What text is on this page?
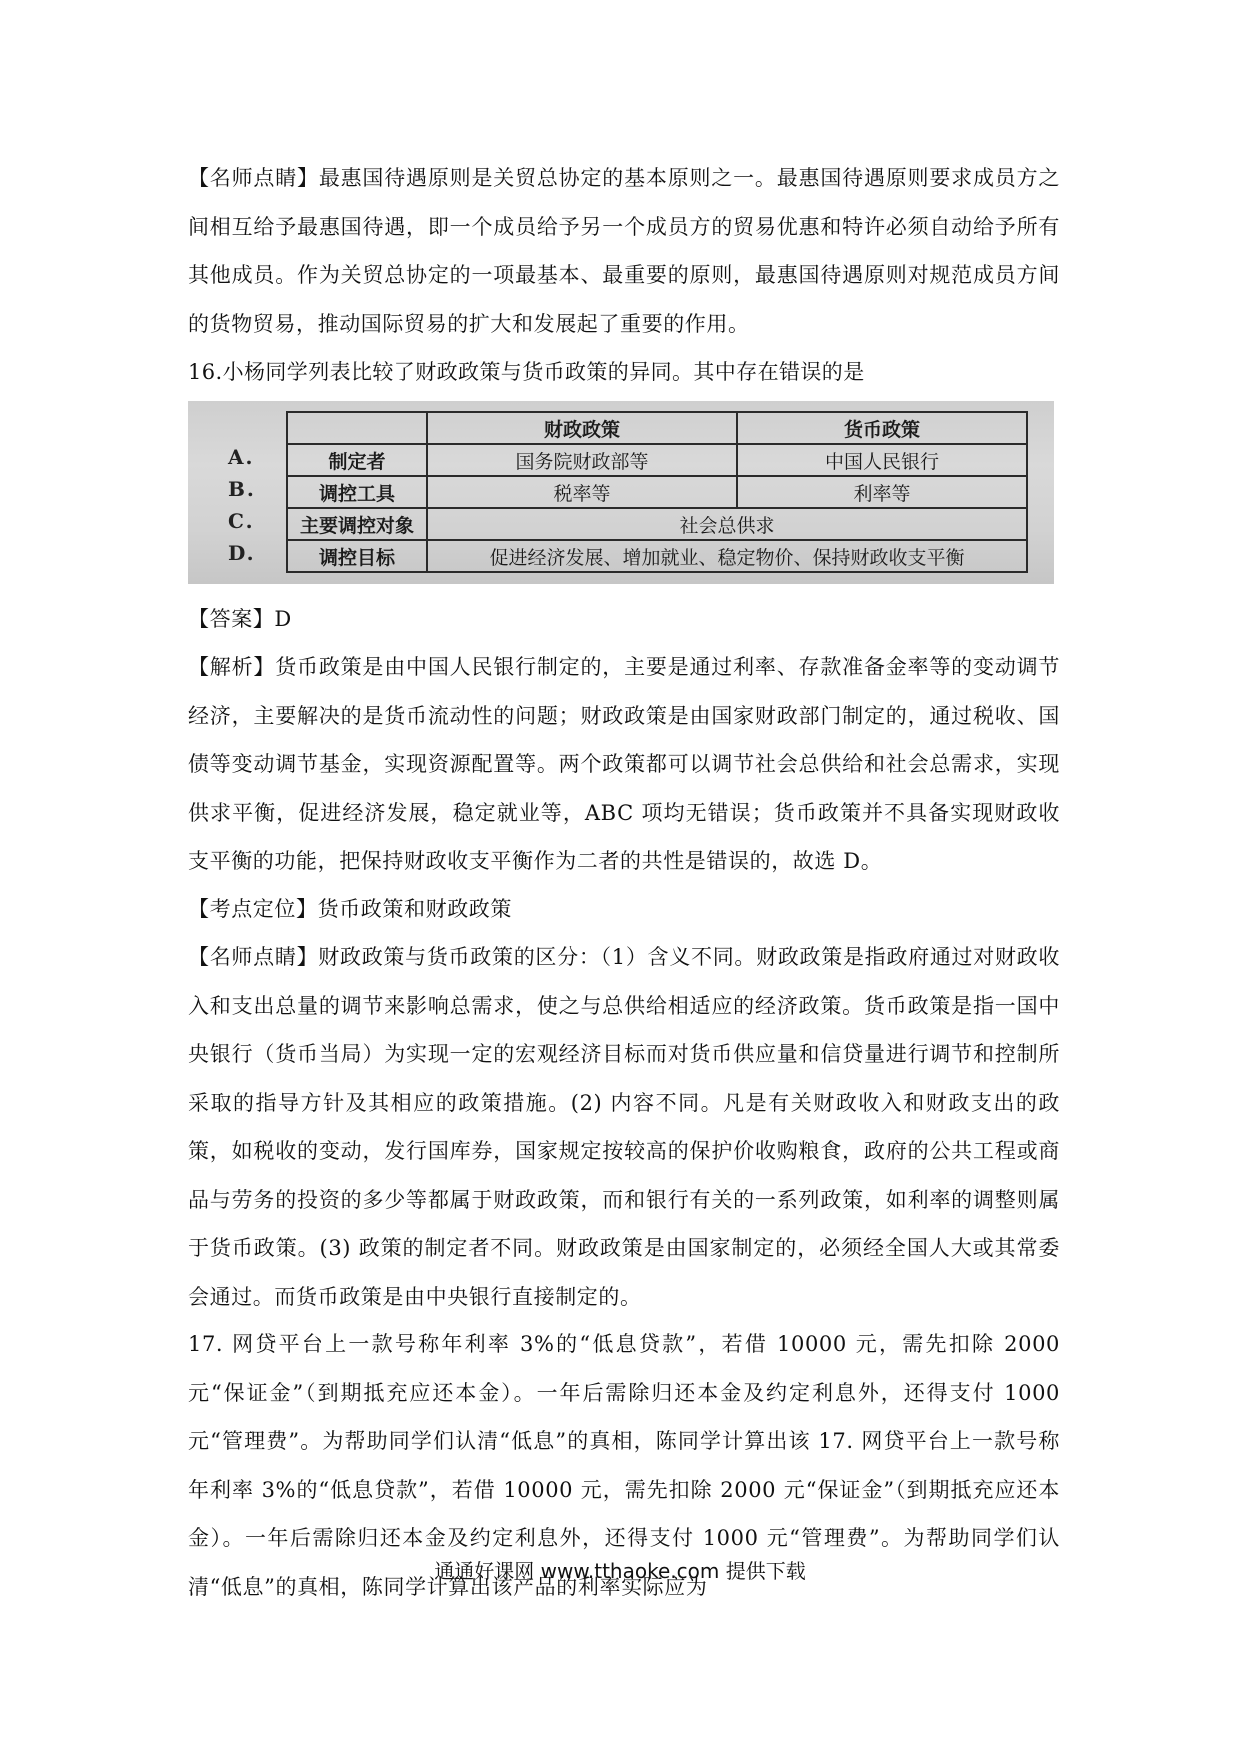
【名师点睛】最惠国待遇原则是关贸总协定的基本原则之一。最惠国待遇原则要求成员方之间相互给予最惠国待遇，即一个成员给予另一个成员方的贸易优惠和特许必须自动给予所有其他成员。作为关贸总协定的一项最基本、最重要的原则，最惠国待遇原则对规范成员方间的货物贸易，推动国际贸易的扩大和发展起了重要的作用。

16.小杨同学列表比较了财政政策与货币政策的异同。其中存在错误的是

A.
B.
C.
D.
	财政政策	货币政策
制定者	国务院财政部等	中国人民银行
调控工具	税率等	利率等
主要调控对象	社会总供求	
调控目标	促进经济发展、增加就业、稳定物价、保持财政收支平衡	

【答案】D

【解析】货币政策是由中国人民银行制定的，主要是通过利率、存款准备金率等的变动调节经济，主要解决的是货币流动性的问题；财政政策是由国家财政部门制定的，通过税收、国债等变动调节基金，实现资源配置等。两个政策都可以调节社会总供给和社会总需求，实现供求平衡，促进经济发展，稳定就业等，ABC 项均无错误；货币政策并不具备实现财政收支平衡的功能，把保持财政收支平衡作为二者的共性是错误的，故选 D。

【考点定位】货币政策和财政政策

【名师点睛】财政政策与货币政策的区分：（1）含义不同。财政政策是指政府通过对财政收入和支出总量的调节来影响总需求，使之与总供给相适应的经济政策。货币政策是指一国中央银行（货币当局）为实现一定的宏观经济目标而对货币供应量和信贷量进行调节和控制所采取的指导方针及其相应的政策措施。(2) 内容不同。凡是有关财政收入和财政支出的政策，如税收的变动，发行国库券，国家规定按较高的保护价收购粮食，政府的公共工程或商品与劳务的投资的多少等都属于财政政策，而和银行有关的一系列政策，如利率的调整则属于货币政策。(3) 政策的制定者不同。财政政策是由国家制定的，必须经全国人大或其常委会通过。而货币政策是由中央银行直接制定的。

17. 网贷平台上一款号称年利率 3%的“低息贷款”，若借 10000 元，需先扣除 2000 元“保证金”（到期抵充应还本金）。一年后需除归还本金及约定利息外，还得支付 1000 元“管理费”。为帮助同学们认清“低息”的真相，陈同学计算出该 17. 网贷平台上一款号称年利率 3%的“低息贷款”，若借 10000 元，需先扣除 2000 元“保证金”（到期抵充应还本金）。一年后需除归还本金及约定利息外，还得支付 1000 元“管理费”。为帮助同学们认清“低息”的真相，陈同学计算出该产品的利率实际应为

通通好课网 www.tthaoke.com 提供下载
